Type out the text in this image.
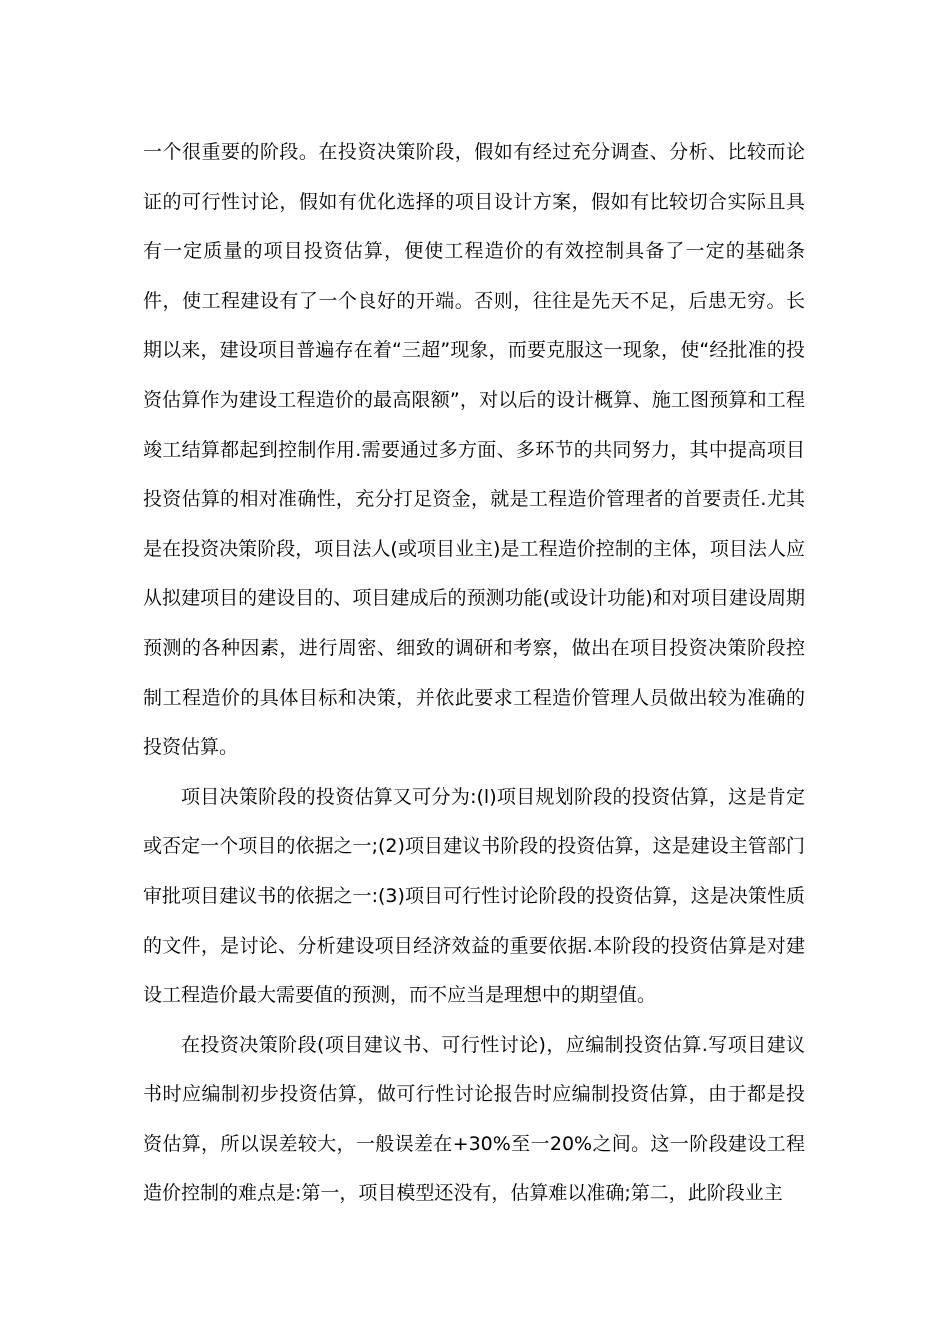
一个很重要的阶段。在投资决策阶段，假如有经过充分调查、分析、比较而论证的可行性讨论，假如有优化选择的项目设计方案，假如有比较切合实际且具有一定质量的项目投资估算，便使工程造价的有效控制具备了一定的基础条件，使工程建设有了一个良好的开端。否则，往往是先天不足，后患无穷。长期以来，建设项目普遍存在着“三超”现象，而要克服这一现象，使“经批准的投资估算作为建设工程造价的最高限额”，对以后的设计概算、施工图预算和工程竣工结算都起到控制作用.需要通过多方面、多环节的共同努力，其中提高项目投资估算的相对准确性，充分打足资金，就是工程造价管理者的首要责任.尤其是在投资决策阶段，项目法人(或项目业主)是工程造价控制的主体，项目法人应从拟建项目的建设目的、项目建成后的预测功能(或设计功能)和对项目建设周期预测的各种因素，进行周密、细致的调研和考察，做出在项目投资决策阶段控制工程造价的具体目标和决策，并依此要求工程造价管理人员做出较为准确的投资估算。

项目决策阶段的投资估算又可分为:(l)项目规划阶段的投资估算，这是肯定或否定一个项目的依据之一;(2)项目建议书阶段的投资估算，这是建设主管部门审批项目建议书的依据之一:(3)项目可行性讨论阶段的投资估算，这是决策性质的文件，是讨论、分析建设项目经济效益的重要依据.本阶段的投资估算是对建设工程造价最大需要值的预测，而不应当是理想中的期望值。

在投资决策阶段(项目建议书、可行性讨论)，应编制投资估算.写项目建议书时应编制初步投资估算，做可行性讨论报告时应编制投资估算，由于都是投资估算，所以误差较大，一般误差在+30%至一20%之间。这一阶段建设工程造价控制的难点是:第一，项目模型还没有，估算难以准确;第二，此阶段业主
